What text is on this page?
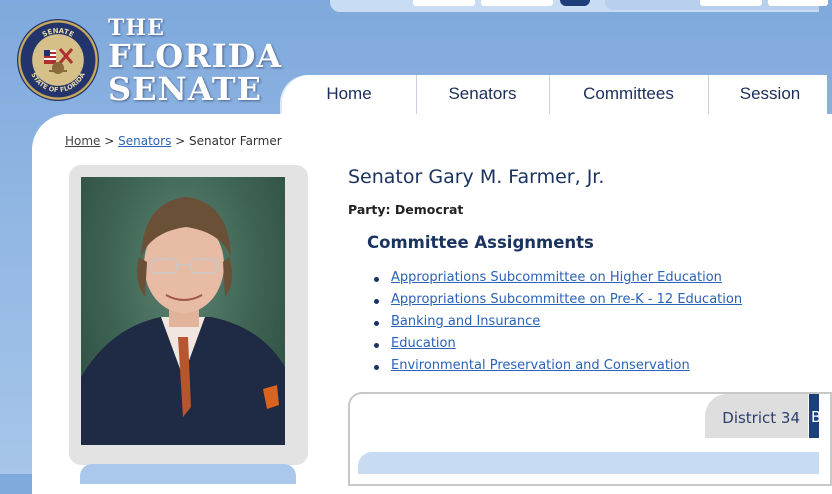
SENATE
STATE OF FLORIDA
THE
FLORIDA
SENATE	Home	Senators	Committees	Session
Home > Senators > Senator Farmer
Senator Gary M. Farmer, Jr.
Party: Democrat
Committee Assignments
Appropriations Subcommittee on Higher Education
Appropriations Subcommittee on Pre-K - 12 Education
Banking and Insurance
Education
Environmental Preservation and Conservation
District 34 B
